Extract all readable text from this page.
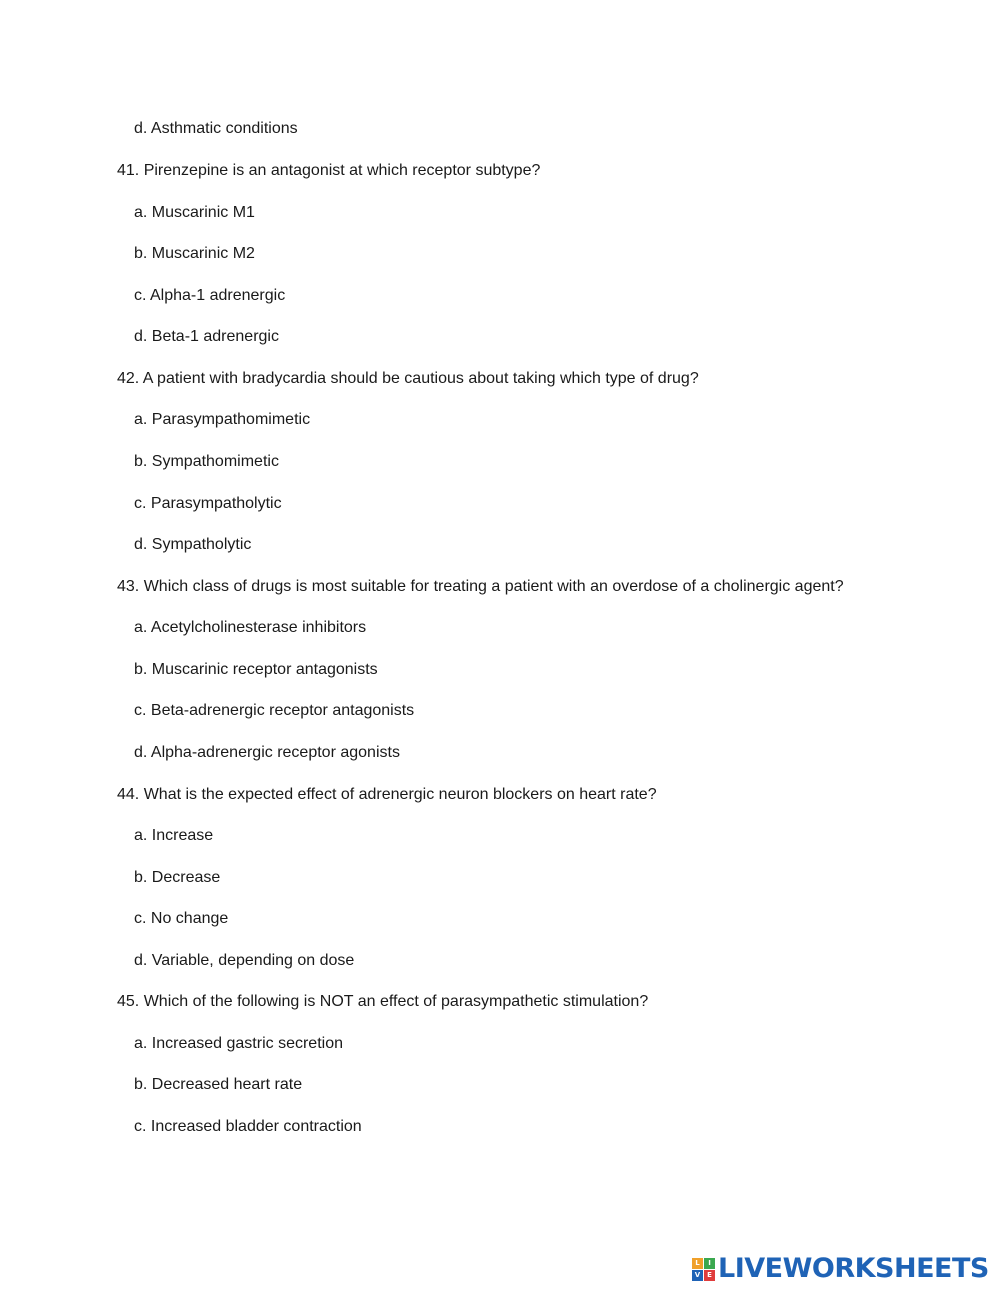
d. Asthmatic conditions
41. Pirenzepine is an antagonist at which receptor subtype?
a. Muscarinic M1
b. Muscarinic M2
c. Alpha-1 adrenergic
d. Beta-1 adrenergic
42. A patient with bradycardia should be cautious about taking which type of drug?
a. Parasympathomimetic
b. Sympathomimetic
c. Parasympatholytic
d. Sympatholytic
43. Which class of drugs is most suitable for treating a patient with an overdose of a cholinergic agent?
a. Acetylcholinesterase inhibitors
b. Muscarinic receptor antagonists
c. Beta-adrenergic receptor antagonists
d. Alpha-adrenergic receptor agonists
44. What is the expected effect of adrenergic neuron blockers on heart rate?
a. Increase
b. Decrease
c. No change
d. Variable, depending on dose
45. Which of the following is NOT an effect of parasympathetic stimulation?
a. Increased gastric secretion
b. Decreased heart rate
c. Increased bladder contraction
L	I
V E LIVEWORKSHEETS
